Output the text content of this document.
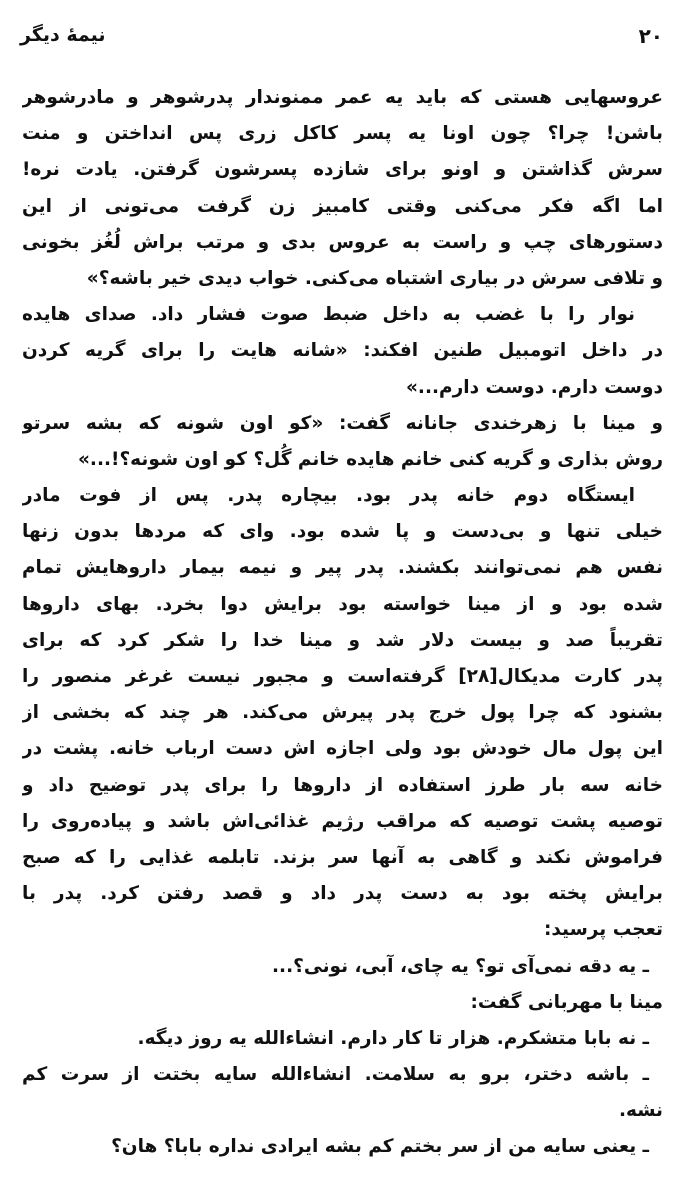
۲۰
نیمهٔ دیگر
عروسهایی هستی که باید یه عمر ممنوندار پدرشوهر و مادرشوهر
باشن! چرا؟ چون اونا یه پسر کاکل زری پس انداختن و منت
سرش گذاشتن و اونو برای شازده پسرشون گرفتن. یادت نره!
اما اگه فکر می‌کنی وقتی کامبیز زن گرفت می‌تونی از این
دستورهای چپ و راست به عروس بدی و مرتب براش لُغُز بخونی
و تلافی سرش در بیاری اشتباه می‌کنی. خواب دیدی خیر باشه؟»
نوار را با غضب به داخل ضبط صوت فشار داد. صدای هایده
در داخل اتومبیل طنین افکند: «شانه هایت را برای گریه کردن
دوست دارم. دوست دارم...»
و مینا با زهرخندی جانانه گفت: «کو اون شونه که بشه سرتو
روش بذاری و گریه کنی خانم هایده خانم گُل؟ کو اون شونه؟!...»
ایستگاه دوم خانه پدر بود. بیچاره پدر. پس از فوت مادر
خیلی تنها و بی‌دست و پا شده بود. وای که مردها بدون زنها
نفس هم نمی‌توانند بکشند. پدر پیر و نیمه بیمار داروهایش تمام
شده بود و از مینا خواسته بود برایش دوا بخرد. بهای داروها
تقریباً صد و بیست دلار شد و مینا خدا را شکر کرد که برای
پدر کارت مدیکال[۲۸] گرفته‌است و مجبور نیست غرغر منصور را
بشنود که چرا پول خرج پدر پیرش می‌کند. هر چند که بخشی از
این پول مال خودش بود ولی اجازه اش دست ارباب خانه. پشت در
خانه سه بار طرز استفاده از داروها را برای پدر توضیح داد و
توصیه پشت توصیه که مراقب رژیم غذائی‌اش باشد و پیاده‌روی را
فراموش نکند و گاهی به آنها سر بزند. تابلمه غذایی را که صبح
برایش پخته بود به دست پدر داد و قصد رفتن کرد. پدر با
تعجب پرسید:
ـ یه دقه نمی‌آی تو؟ یه چای، آبی، نونی؟...
مینا با مهربانی گفت:
ـ نه بابا متشکرم. هزار تا کار دارم. انشاءالله یه روز دیگه.
ـ باشه دختر، برو به سلامت. انشاءالله سایه بختت از سرت کم
نشه.
ـ یعنی سایه من از سر بختم کم بشه ایرادی نداره بابا؟ هان؟
